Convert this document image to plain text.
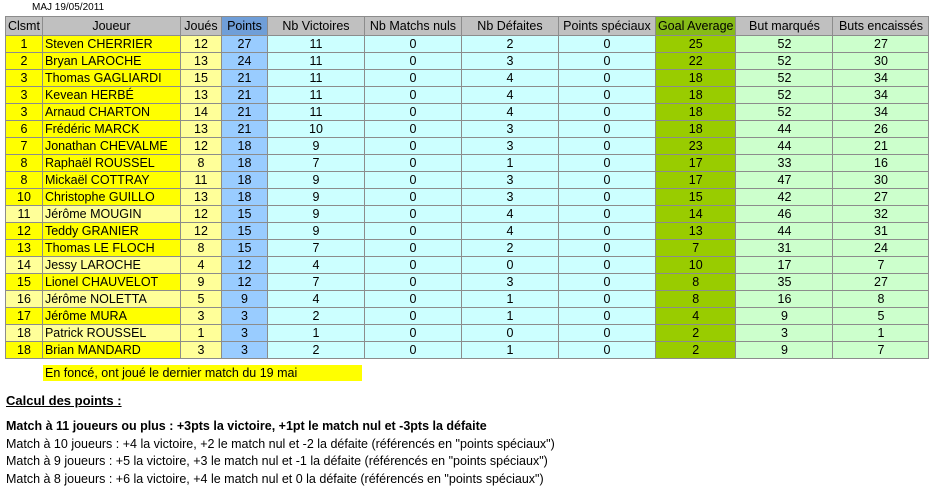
MAJ 19/05/2011
Clsmt	Joueur	Joués	Points	Nb Victoires	Nb Matchs nuls	Nb Défaites	Points spéciaux	Goal Average	But marqués	Buts encaissés
1	Steven CHERRIER	12	27	11	0	2	0	25	52	27
2	Bryan LAROCHE	13	24	11	0	3	0	22	52	30
3	Thomas GAGLIARDI	15	21	11	0	4	0	18	52	34
3	Kevean HERBÉ	13	21	11	0	4	0	18	52	34
3	Arnaud CHARTON	14	21	11	0	4	0	18	52	34
6	Frédéric MARCK	13	21	10	0	3	0	18	44	26
7	Jonathan CHEVALME	12	18	9	0	3	0	23	44	21
8	Raphaël ROUSSEL	8	18	7	0	1	0	17	33	16
8	Mickaël COTTRAY	11	18	9	0	3	0	17	47	30
10	Christophe GUILLO	13	18	9	0	3	0	15	42	27
11	Jérôme MOUGIN	12	15	9	0	4	0	14	46	32
12	Teddy GRANIER	12	15	9	0	4	0	13	44	31
13	Thomas LE FLOCH	8	15	7	0	2	0	7	31	24
14	Jessy LAROCHE	4	12	4	0	0	0	10	17	7
15	Lionel CHAUVELOT	9	12	7	0	3	0	8	35	27
16	Jérôme NOLETTA	5	9	4	0	1	0	8	16	8
17	Jérôme MURA	3	3	2	0	1	0	4	9	5
18	Patrick ROUSSEL	1	3	1	0	0	0	2	3	1
18	Brian MANDARD	3	3	2	0	1	0	2	9	7
En foncé, ont joué le dernier match du 19 mai
Calcul des points :
Match à 11 joueurs ou plus : +3pts la victoire, +1pt le match nul et -3pts la défaite
Match à 10 joueurs : +4 la victoire, +2 le match nul et -2 la défaite (référencés en "points spéciaux")
Match à 9 joueurs : +5 la victoire, +3 le match nul et -1 la défaite (référencés en "points spéciaux")
Match à 8 joueurs : +6 la victoire, +4 le match nul et 0 la défaite (référencés en "points spéciaux")
